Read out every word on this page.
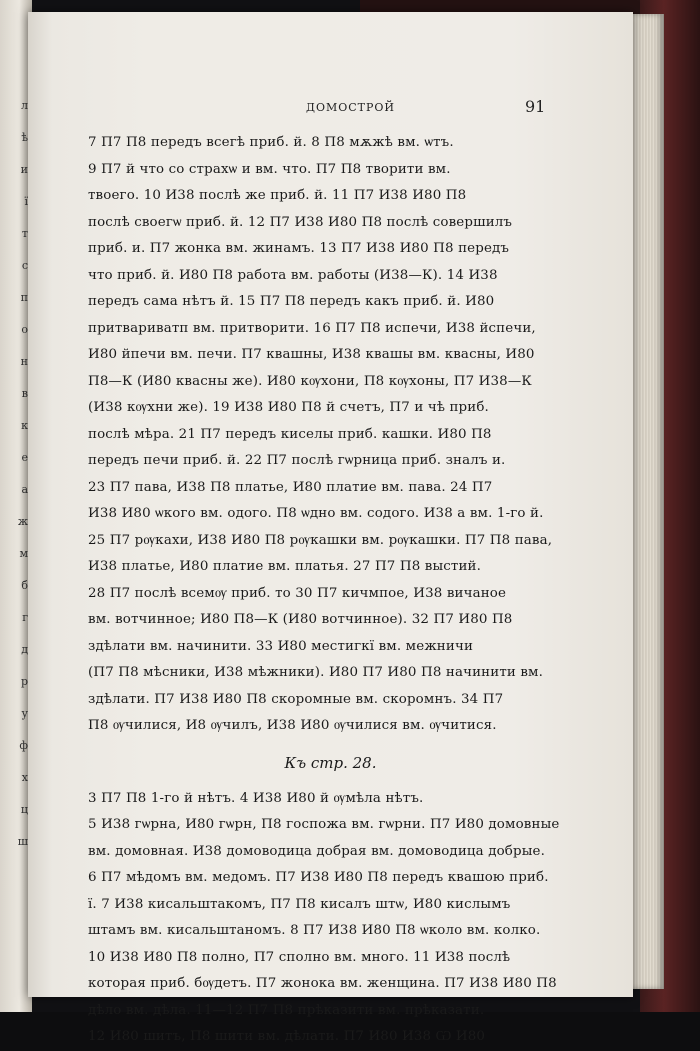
л
ѣ
и
ї
т
с
п
о
н
в
к
е
а
ж
м
б
г
д
р
у
ф
х
ц
ш
ДОМОСТРОЙ	91
7 П7 П8 передъ всегѣ приб. й. 8 П8 мѫжѣ вм. ѡтъ.
9 П7 й что со страхѡ и вм. что. П7 П8 творити вм.
твоего. 10 И38 послѣ же приб. й. 11 П7 И38 И80 П8
послѣ своегѡ приб. й. 12 П7 И38 И80 П8 послѣ совершилъ
приб. и. П7 жонка вм. жинамъ. 13 П7 И38 И80 П8 передъ
что приб. й. И80 П8 работа вм. работы (И38—К). 14 И38
передъ сама нѣтъ й. 15 П7 П8 передъ какъ приб. й. И80
притвариватп вм. притворити. 16 П7 П8 испечи, И38 йспечи,
И80 йпечи вм. печи. П7 квашны, И38 квашы вм. квасны, И80
П8—К (И80 квасны же). И80 кѹхони, П8 кѹхоны, П7 И38—К
(И38 кѹхни же). 19 И38 И80 П8 й счетъ, П7 и чѣ приб.
послѣ мѣра. 21 П7 передъ киселы приб. кашки. И80 П8
передъ печи приб. й. 22 П7 послѣ гѡрница приб. зналъ и.
23 П7 пава, И38 П8 платье, И80 платие вм. пава. 24 П7
И38 И80 ѡкого вм. одого. П8 ѡдно вм. содого. И38 а вм. 1-го й.
25 П7 рѹкахи, И38 И80 П8 рѹкашки вм. рѹкашки. П7 П8 пава,
И38 платье, И80 платие вм. платья. 27 П7 П8 выстий.
28 П7 послѣ всемѹ приб. то 30 П7 кичмпое, И38 вичаное
вм. вотчинное; И80 П8—К (И80 вотчинное). 32 П7 И80 П8
здѣлати вм. начинити. 33 И80 местигкї вм. межничи
(П7 П8 мѣсники, И38 мѣжники). И80 П7 И80 П8 начинити вм.
здѣлати. П7 И38 И80 П8 скоромные вм. скоромнъ. 34 П7
П8 ѹчилися, И8 ѹчилъ, И38 И80 ѹчилися вм. ѹчитися.
Къ стр. 28.
3 П7 П8 1-го й нѣтъ. 4 И38 И80 й ѹмѣла нѣтъ.
5 И38 гѡрна, И80 гѡрн, П8 госпожа вм. гѡрни. П7 И80 домовные
вм. домовная. И38 домоводица добрая вм. домоводица добрые.
6 П7 мѣдомъ вм. медомъ. П7 И38 И80 П8 передъ квашою приб.
ї. 7 И38 кисальштакомъ, П7 П8 кисалъ штѡ, И80 кислымъ
штамъ вм. кисальштаномъ. 8 П7 И38 И80 П8 ѡколо вм. колко.
10 И38 И80 П8 полно, П7 сполно вм. много. 11 И38 послѣ
которая приб. бѹдетъ. П7 жонока вм. женщина. П7 И38 И80 П8
дѣло вм. дѣла. 11—12 П7 П8 прѣказити вм. прѣказати.
12 И80 шитъ, П8 шити вм. дѣлати. П7 И80 И38 Ѡ И80
